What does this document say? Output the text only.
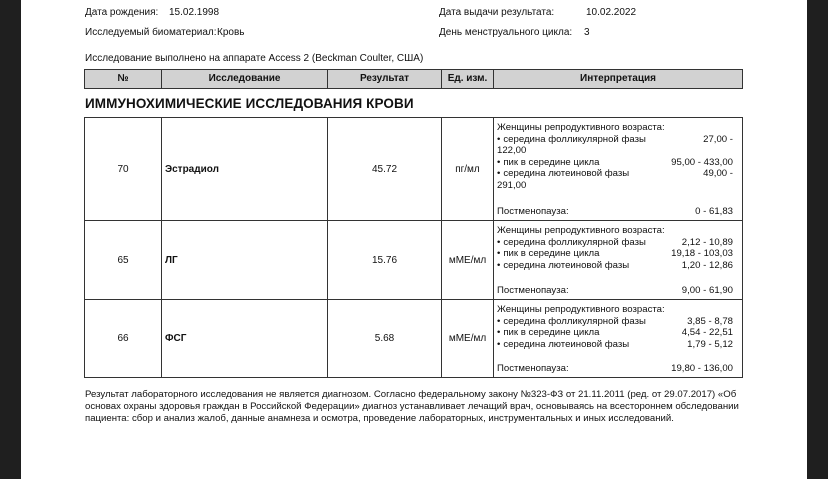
Дата рождения: 15.02.1998
Исследуемый биоматериал: Кровь
Дата выдачи результата:	10.02.2022
День менструального цикла: 3
Исследование выполнено на аппарате Access 2 (Beckman Coulter, США)
№	Исследование	Результат	Ед. изм.	Интерпретация
ИММУНОХИМИЧЕСКИЕ ИССЛЕДОВАНИЯ КРОВИ
70	Эстрадиол	45.72	пг/мл
Женщины репродуктивного возраста:
• середина фолликулярной фазы	27,00 -
122,00
• пик в середине цикла	95,00 - 433,00
• середина лютеиновой фазы	49,00 -
291,00
Постменопауза:	0 - 61,83
65	ЛГ	15.76	мМЕ/мл
Женщины репродуктивного возраста:
• середина фолликулярной фазы	2,12 - 10,89
• пик в середине цикла	19,18 - 103,03
• середина лютеиновой фазы	1,20 - 12,86
Постменопауза:	9,00 - 61,90
66	ФСГ	5.68	мМЕ/мл
Женщины репродуктивного возраста:
• середина фолликулярной фазы	3,85 - 8,78
• пик в середине цикла	4,54 - 22,51
• середина лютеиновой фазы	1,79 - 5,12
Постменопауза:	19,80 - 136,00
Результат лабораторного исследования не является диагнозом. Согласно федеральному закону №323-ФЗ от 21.11.2011 (ред. от 29.07.2017) «Об основах охраны здоровья граждан в Российской Федерации» диагноз устанавливает лечащий врач, основываясь на всестороннем обследовании пациента: сбор и анализ жалоб, данные анамнеза и осмотра, проведение лабораторных, инструментальных и иных исследований.
